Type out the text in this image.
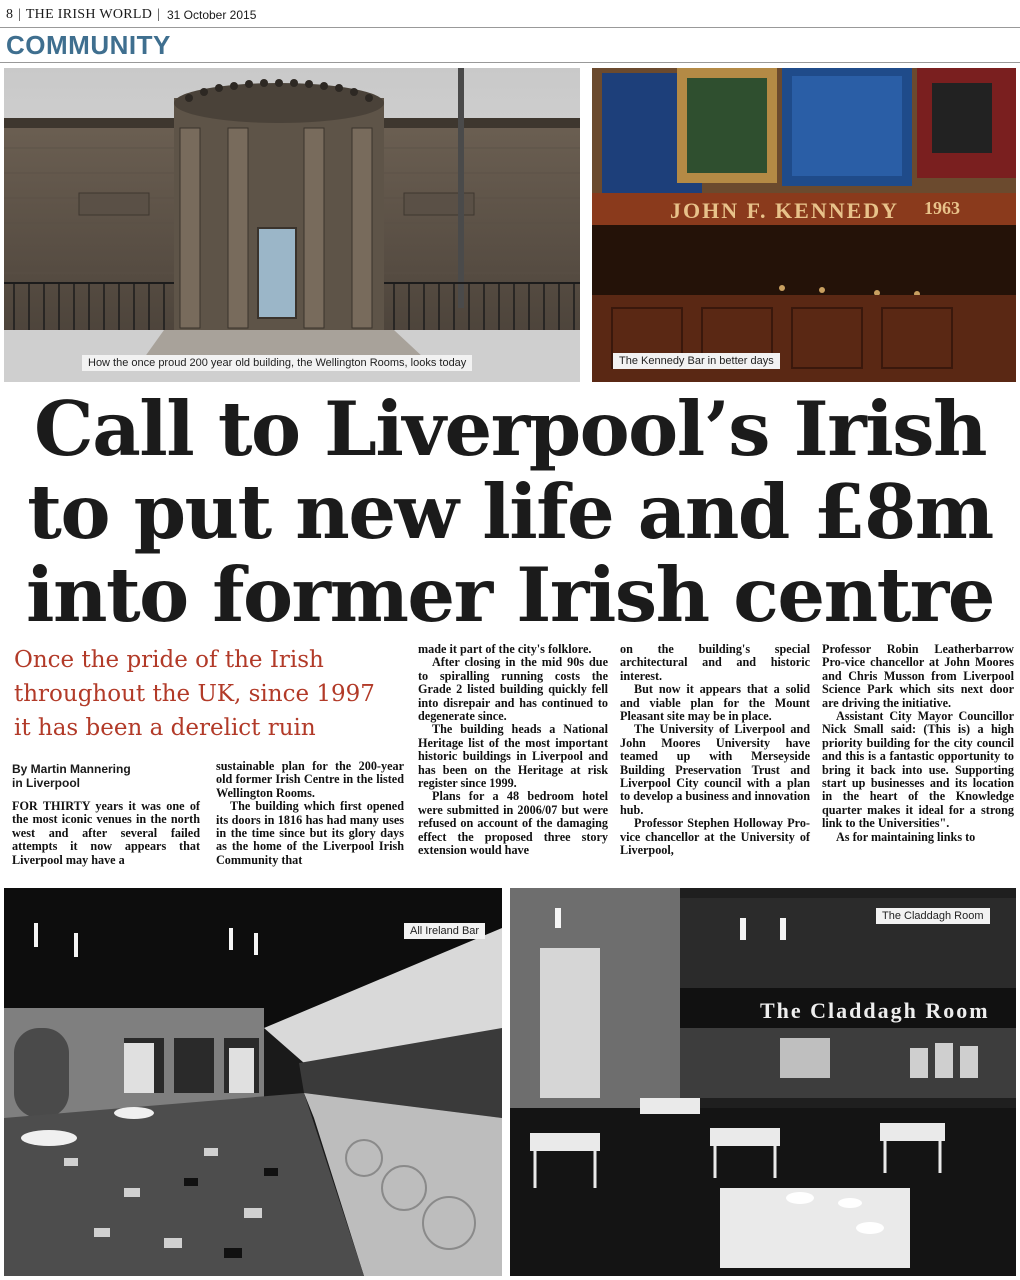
8 | THE IRISH WORLD | 31 October 2015
COMMUNITY
How the once proud 200 year old building, the Wellington Rooms, looks today
JOHN F. KENNEDY 1963
The Kennedy Bar in better days
Call to Liverpool’s Irish
to put new life and £8m
into former Irish centre
Once the pride of the Irish throughout the UK, since 1997 it has been a derelict ruin
By Martin Mannering
in Liverpool

FOR THIRTY years it was one of the most iconic venues in the north west and after several failed attempts it now appears that Liverpool may have a

sustainable plan for the 200-year old former Irish Centre in the listed Wellington Rooms.

The building which first opened its doors in 1816 has had many uses in the time since but its glory days as the home of the Liverpool Irish Community that

made it part of the city's folklore.

After closing in the mid 90s due to spiralling running costs the Grade 2 listed building quickly fell into disrepair and has continued to degenerate since.

The building heads a National Heritage list of the most important historic buildings in Liverpool and has been on the Heritage at risk register since 1999.

Plans for a 48 bedroom hotel were submitted in 2006/07 but were refused on account of the damaging effect the proposed three story extension would have

on the building's special architectural and and historic interest.

But now it appears that a solid and viable plan for the Mount Pleasant site may be in place.

The University of Liverpool and John Moores University have teamed up with Merseyside Building Preservation Trust and Liverpool City council with a plan to develop a business and innovation hub.

Professor Stephen Holloway Pro-vice chancellor at the University of Liverpool,

Professor Robin Leatherbarrow Pro-vice chancellor at John Moores and Chris Musson from Liverpool Science Park which sits next door are driving the initiative.

Assistant City Mayor Councillor Nick Small said: (This is) a high priority building for the city council and this is a fantastic opportunity to bring it back into use. Supporting start up businesses and its location in the heart of the Knowledge quarter makes it ideal for a strong link to the Universities".

As for maintaining links to

All Ireland Bar
The Claddagh Room
The Claddagh Room
